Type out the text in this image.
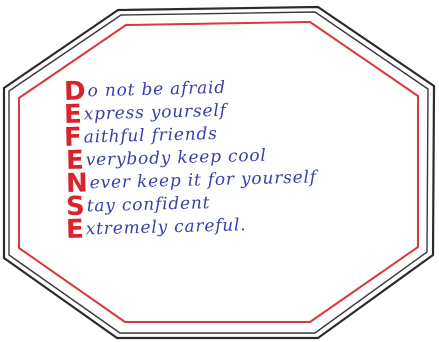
Do not be afraid
Express yourself
Faithful friends
Everybody keep cool
Never keep it for yourself
Stay confident
Extremely careful.
